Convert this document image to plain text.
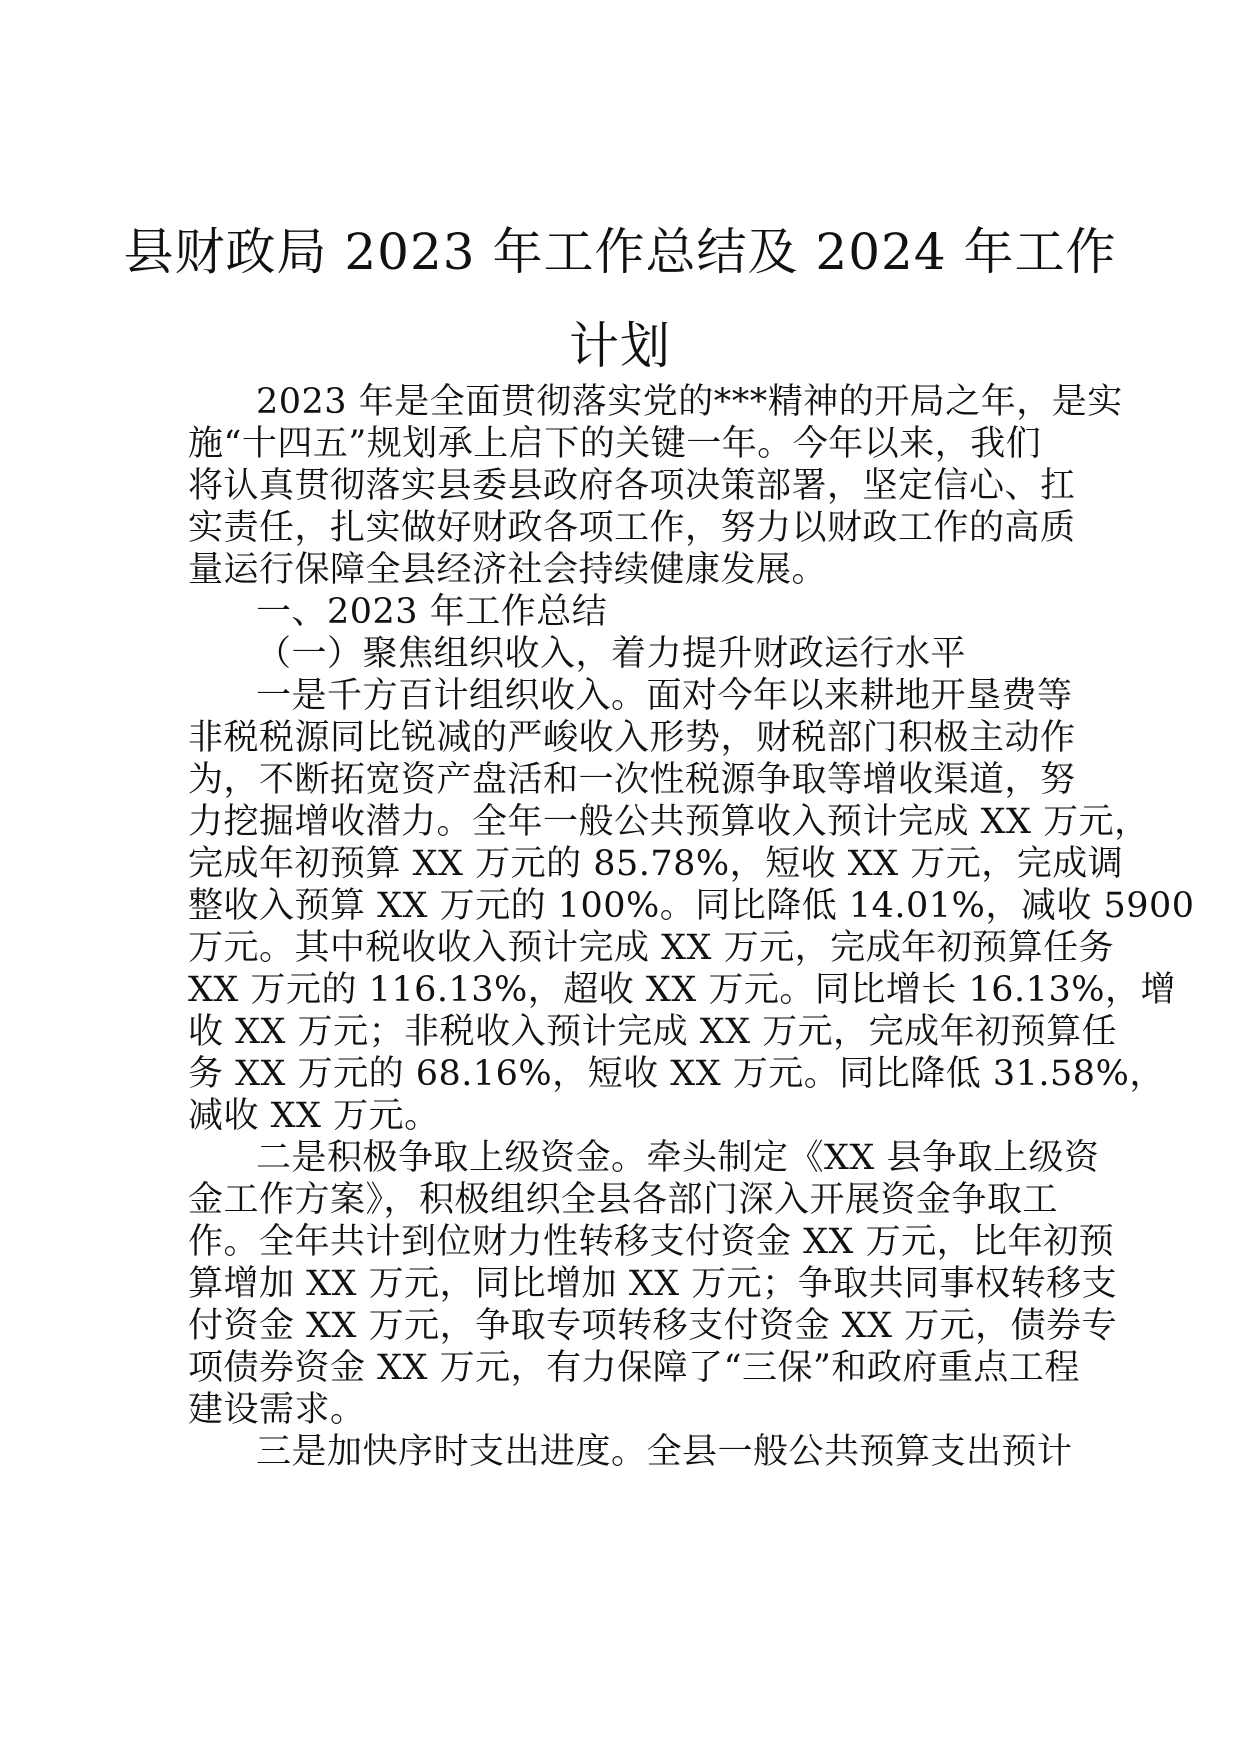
县财政局 2023 年工作总结及 2024 年工作
计划
2023 年是全面贯彻落实党的***精神的开局之年，是实
施“十四五”规划承上启下的关键一年。今年以来，我们
将认真贯彻落实县委县政府各项决策部署，坚定信心、扛
实责任，扎实做好财政各项工作，努力以财政工作的高质
量运行保障全县经济社会持续健康发展。
一、2023 年工作总结
（一）聚焦组织收入，着力提升财政运行水平
一是千方百计组织收入。面对今年以来耕地开垦费等
非税税源同比锐减的严峻收入形势，财税部门积极主动作
为，不断拓宽资产盘活和一次性税源争取等增收渠道，努
力挖掘增收潜力。全年一般公共预算收入预计完成 XX 万元，
完成年初预算 XX 万元的 85.78%，短收 XX 万元，完成调
整收入预算 XX 万元的 100%。同比降低 14.01%，减收 5900
万元。其中税收收入预计完成 XX 万元，完成年初预算任务
XX 万元的 116.13%，超收 XX 万元。同比增长 16.13%，增
收 XX 万元；非税收入预计完成 XX 万元，完成年初预算任
务 XX 万元的 68.16%，短收 XX 万元。同比降低 31.58%，
减收 XX 万元。
二是积极争取上级资金。牵头制定《XX 县争取上级资
金工作方案》，积极组织全县各部门深入开展资金争取工
作。全年共计到位财力性转移支付资金 XX 万元，比年初预
算增加 XX 万元，同比增加 XX 万元；争取共同事权转移支
付资金 XX 万元，争取专项转移支付资金 XX 万元，债券专
项债券资金 XX 万元，有力保障了“三保”和政府重点工程
建设需求。
三是加快序时支出进度。全县一般公共预算支出预计
